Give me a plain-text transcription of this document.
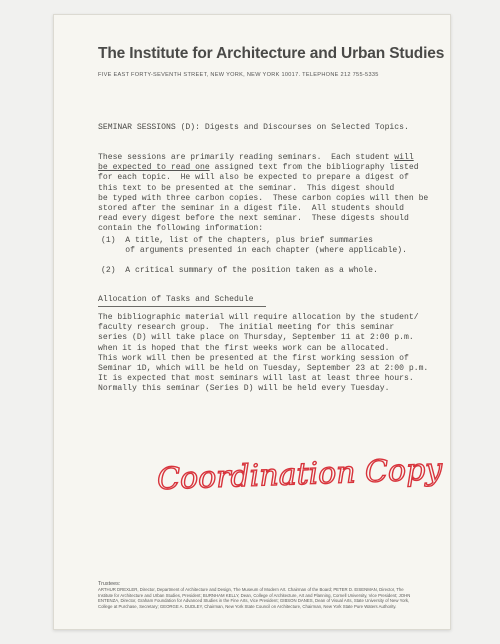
The Institute for Architecture and Urban Studies
FIVE EAST FORTY-SEVENTH STREET, NEW YORK, NEW YORK 10017. TELEPHONE 212 755-5335

SEMINAR SESSIONS (D): Digests and Discourses on Selected Topics.

These sessions are primarily reading seminars.  Each student will
be expected to read one assigned text from the bibliography listed
for each topic.  He will also be expected to prepare a digest of
this text to be presented at the seminar.  This digest should
be typed with three carbon copies.  These carbon copies will then be
stored after the seminar in a digest file.  All students should
read every digest before the next seminar.  These digests should
contain the following information:

(1) A title, list of the chapters, plus brief summaries
of arguments presented in each chapter (where applicable).

(2) A critical summary of the position taken as a whole.

Allocation of Tasks and Schedule

The bibliographic material will require allocation by the student/
faculty research group.  The initial meeting for this seminar
series (D) will take place on Thursday, September 11 at 2:00 p.m.
when it is hoped that the first weeks work can be allocated.
This work will then be presented at the first working session of
Seminar 1D, which will be held on Tuesday, September 23 at 2:00 p.m.
It is expected that most seminars will last at least three hours.
Normally this seminar (Series D) will be held every Tuesday.

Coordination Copy

Trustees:

ARTHUR DREXLER, Director, Department of Architecture and Design, The Museum of Modern Art. Chairman of the Board; PETER D. EISENMAN, Director, The Institute for Architecture and Urban Studies, President; BURNHAM KELLY, Dean, College of Architecture, Art and Planning, Cornell University, Vice President; JOHN ENTENZA, Director, Graham Foundation for Advanced Studies in the Fine Arts, Vice President; GIBSON DANES, Dean of Visual Arts, State University of New York, College at Purchase, Secretary; GEORGE A. DUDLEY, Chairman, New York State Council on Architecture, Chairman, New York State Pure Waters Authority.
